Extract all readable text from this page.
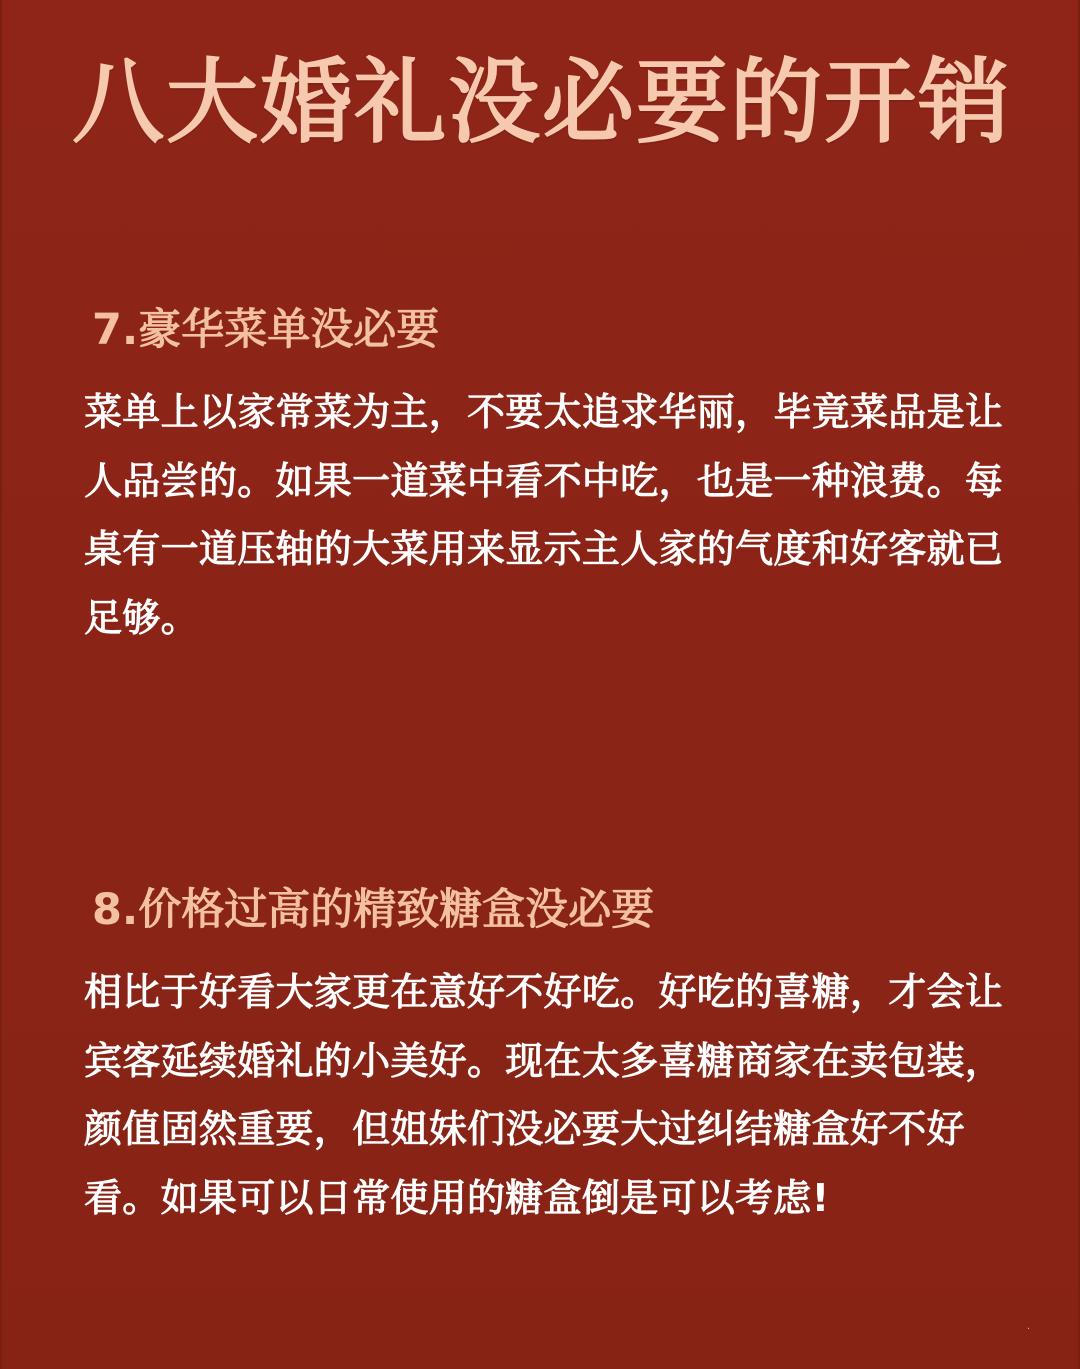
八大婚礼没必要的开销
7.豪华菜单没必要

菜单上以家常菜为主，不要太追求华丽，毕竟菜品是让人品尝的。如果一道菜中看不中吃，也是一种浪费。每桌有一道压轴的大菜用来显示主人家的气度和好客就已足够。

8.价格过高的精致糖盒没必要

相比于好看大家更在意好不好吃。好吃的喜糖，才会让宾客延续婚礼的小美好。现在太多喜糖商家在卖包装，颜值固然重要，但姐妹们没必要大过纠结糖盒好不好看。如果可以日常使用的糖盒倒是可以考虑!

·
